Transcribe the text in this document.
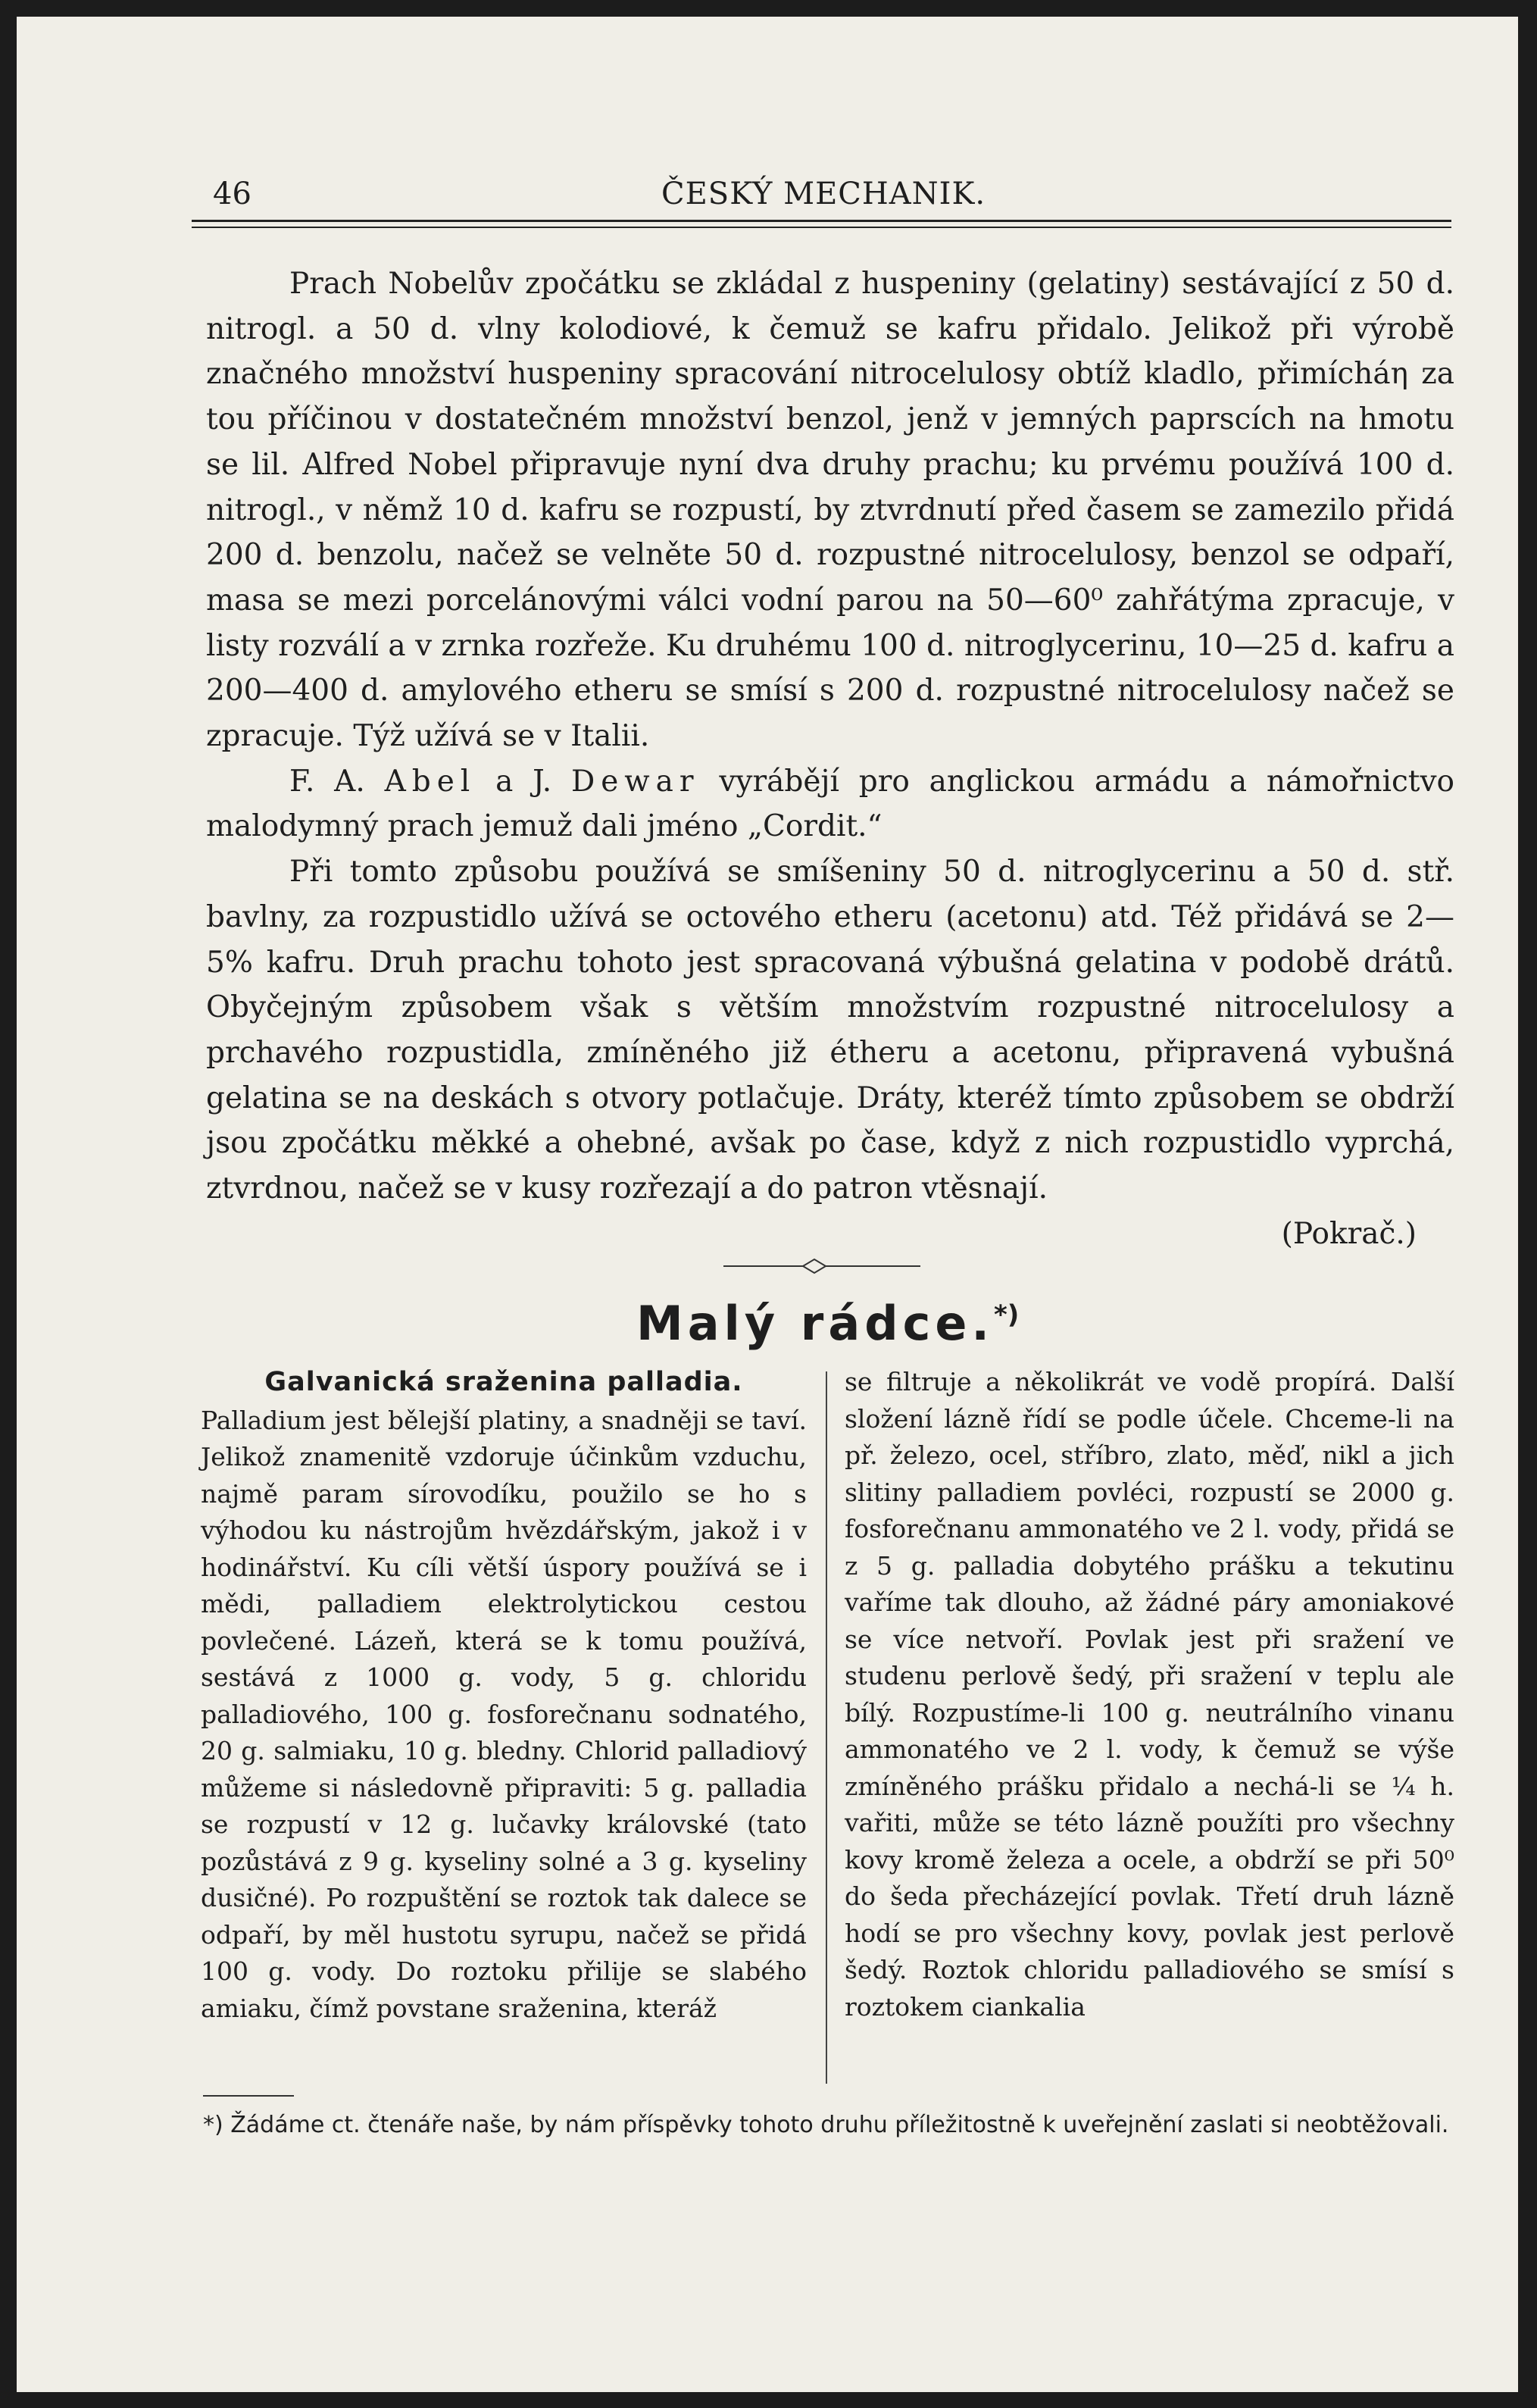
46	ČESKÝ MECHANIK.

Prach Nobelův zpočátku se zkládal z huspeniny (gelatiny) sestávající z 50 d. nitrogl. a 50 d. vlny kolodiové, k čemuž se kafru přidalo. Jelikož při výrobě značného množství huspeniny spracování nitrocelulosy obtíž kladlo, přimícháη za tou příčinou v dostatečném množství benzol, jenž v jemných paprscích na hmotu se lil. Alfred Nobel připravuje nyní dva druhy prachu; ku prvému používá 100 d. nitrogl., v němž 10 d. kafru se rozpustí, by ztvrdnutí před časem se zamezilo přidá 200 d. benzolu, načež se velněte 50 d. rozpustné nitrocelulosy, benzol se odpaří, masa se mezi porcelánovými válci vodní parou na 50—60⁰ zahřátýma zpracuje, v listy rozválí a v zrnka rozřeže. Ku druhému 100 d. nitroglycerinu, 10—25 d. kafru a 200—400 d. amylového etheru se smísí s 200 d. rozpustné nitrocelulosy načež se zpracuje. Týž užívá se v Italii.

F. A. Abel a J. Dewar vyrábějí pro anglickou armádu a námořnictvo malodymný prach jemuž dali jméno „Cordit.“

Při tomto způsobu používá se smíšeniny 50 d. nitroglycerinu a 50 d. stř. bavlny, za rozpustidlo užívá se octového etheru (acetonu) atd. Též přidává se 2—5% kafru. Druh prachu tohoto jest spracovaná výbušná gelatina v podobě drátů. Obyčejným způsobem však s větším množstvím rozpustné nitrocelulosy a prchavého rozpustidla, zmíněného již étheru a acetonu, připravená vybušná gelatina se na deskách s otvory potlačuje. Dráty, kteréž tímto způsobem se obdrží jsou zpočátku měkké a ohebné, avšak po čase, když z nich rozpustidlo vyprchá, ztvrdnou, načež se v kusy rozřezají a do patron vtěsnají.

(Pokrač.)
Malý rádce.*)

Galvanická sraženina palladia.

Palladium jest bělejší platiny, a snadněji se taví. Jelikož znamenitě vzdoruje účinkům vzduchu, najmě param sírovodíku, použilo se ho s výhodou ku nástrojům hvězdářským, jakož i v hodinářství. Ku cíli větší úspory používá se i mědi, palladiem elektrolytickou cestou povlečené. Lázeň, která se k tomu používá, sestává z 1000 g. vody, 5 g. chloridu palladiového, 100 g. fosforečnanu sodnatého, 20 g. salmiaku, 10 g. bledny. Chlorid palladiový můžeme si následovně připraviti: 5 g. palladia se rozpustí v 12 g. lučavky královské (tato pozůstává z 9 g. kyseliny solné a 3 g. kyseliny dusičné). Po rozpuštění se roztok tak dalece se odpaří, by měl hustotu syrupu, načež se přidá 100 g. vody. Do roztoku přilije se slabého amiaku, čímž povstane sraženina, kteráž

se filtruje a několikrát ve vodě propírá. Další složení lázně řídí se podle účele. Chceme-li na př. železo, ocel, stříbro, zlato, měď, nikl a jich slitiny palladiem povléci, rozpustí se 2000 g. fosforečnanu ammonatého ve 2 l. vody, přidá se z 5 g. palladia dobytého prášku a tekutinu vaříme tak dlouho, až žádné páry amoniakové se více netvoří. Povlak jest při sražení ve studenu perlově šedý, při sražení v teplu ale bílý. Rozpustíme-li 100 g. neutrálního vinanu ammonatého ve 2 l. vody, k čemuž se výše zmíněného prášku přidalo a nechá-li se ¼ h. vařiti, může se této lázně použíti pro všechny kovy kromě železa a ocele, a obdrží se při 50⁰ do šeda přecházející povlak. Třetí druh lázně hodí se pro všechny kovy, povlak jest perlově šedý. Roztok chloridu palladiového se smísí s roztokem ciankalia

*) Žádáme ct. čtenáře naše, by nám příspěvky tohoto druhu příležitostně k uveřejnění zaslati si neobtěžovali.
